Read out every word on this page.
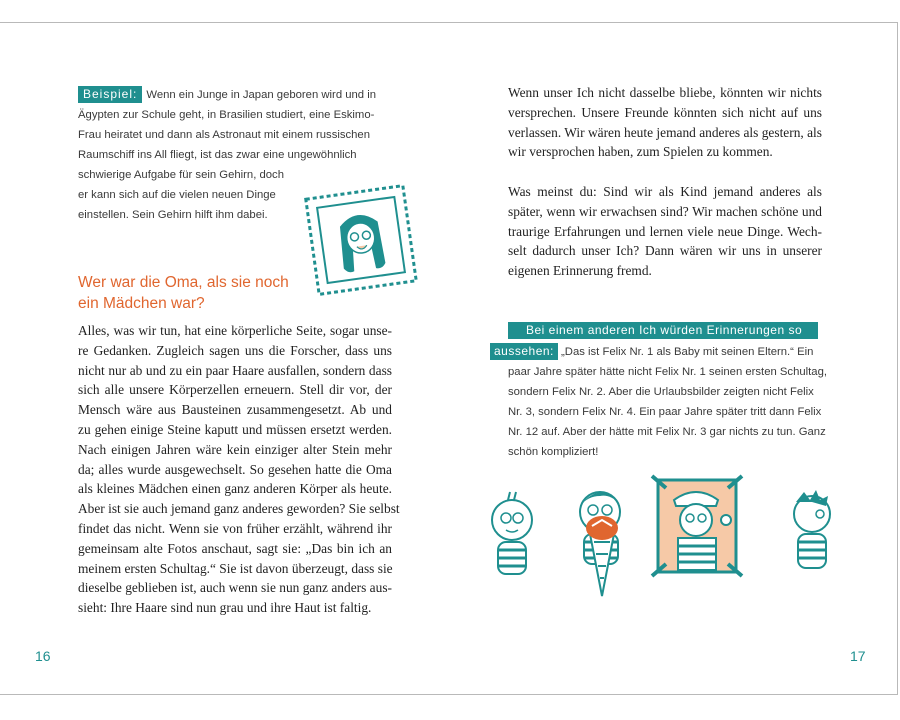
Beispiel: Wenn ein Junge in Japan geboren wird und in
Ägypten zur Schule geht, in Brasilien studiert, eine Eskimo-
Frau heiratet und dann als Astronaut mit einem russischen
Raumschiff ins All fliegt, ist das zwar eine ungewöhnlich
schwierige Aufgabe für sein Gehirn, doch
er kann sich auf die vielen neuen Dinge
einstellen. Sein Gehirn hilft ihm dabei.
Wer war die Oma, als sie noch
ein Mädchen war?
Alles, was wir tun, hat eine körperliche Seite, sogar unse-
re Gedanken. Zugleich sagen uns die Forscher, dass uns
nicht nur ab und zu ein paar Haare ausfallen, sondern dass
sich alle unsere Körperzellen erneuern. Stell dir vor, der
Mensch wäre aus Bausteinen zusammengesetzt. Ab und
zu gehen einige Steine kaputt und müssen ersetzt werden.
Nach einigen Jahren wäre kein einziger alter Stein mehr
da; alles wurde ausgewechselt. So gesehen hatte die Oma
als kleines Mädchen einen ganz anderen Körper als heute.
Aber ist sie auch jemand ganz anderes geworden? Sie selbst
findet das nicht. Wenn sie von früher erzählt, während ihr
gemeinsam alte Fotos anschaut, sagt sie: „Das bin ich an
meinem ersten Schultag.“ Sie ist davon überzeugt, dass sie
dieselbe geblieben ist, auch wenn sie nun ganz anders aus-
sieht: Ihre Haare sind nun grau und ihre Haut ist faltig.
16
Wenn unser Ich nicht dasselbe bliebe, könnten wir nichts
versprechen. Unsere Freunde könnten sich nicht auf uns
verlassen. Wir wären heute jemand anderes als gestern, als
wir versprochen haben, zum Spielen zu kommen.
Was meinst du: Sind wir als Kind jemand anderes als
später, wenn wir erwachsen sind? Wir machen schöne und
traurige Erfahrungen und lernen viele neue Dinge. Wech-
selt dadurch unser Ich? Dann wären wir uns in unserer
eigenen Erinnerung fremd.
Bei einem anderen Ich würden Erinnerungen so
aussehen: „Das ist Felix Nr. 1 als Baby mit seinen Eltern.“ Ein
paar Jahre später hätte nicht Felix Nr. 1 seinen ersten Schultag,
sondern Felix Nr. 2. Aber die Urlaubsbilder zeigten nicht Felix
Nr. 3, sondern Felix Nr. 4. Ein paar Jahre später tritt dann Felix
Nr. 12 auf. Aber der hätte mit Felix Nr. 3 gar nichts zu tun. Ganz
schön kompliziert!
17
